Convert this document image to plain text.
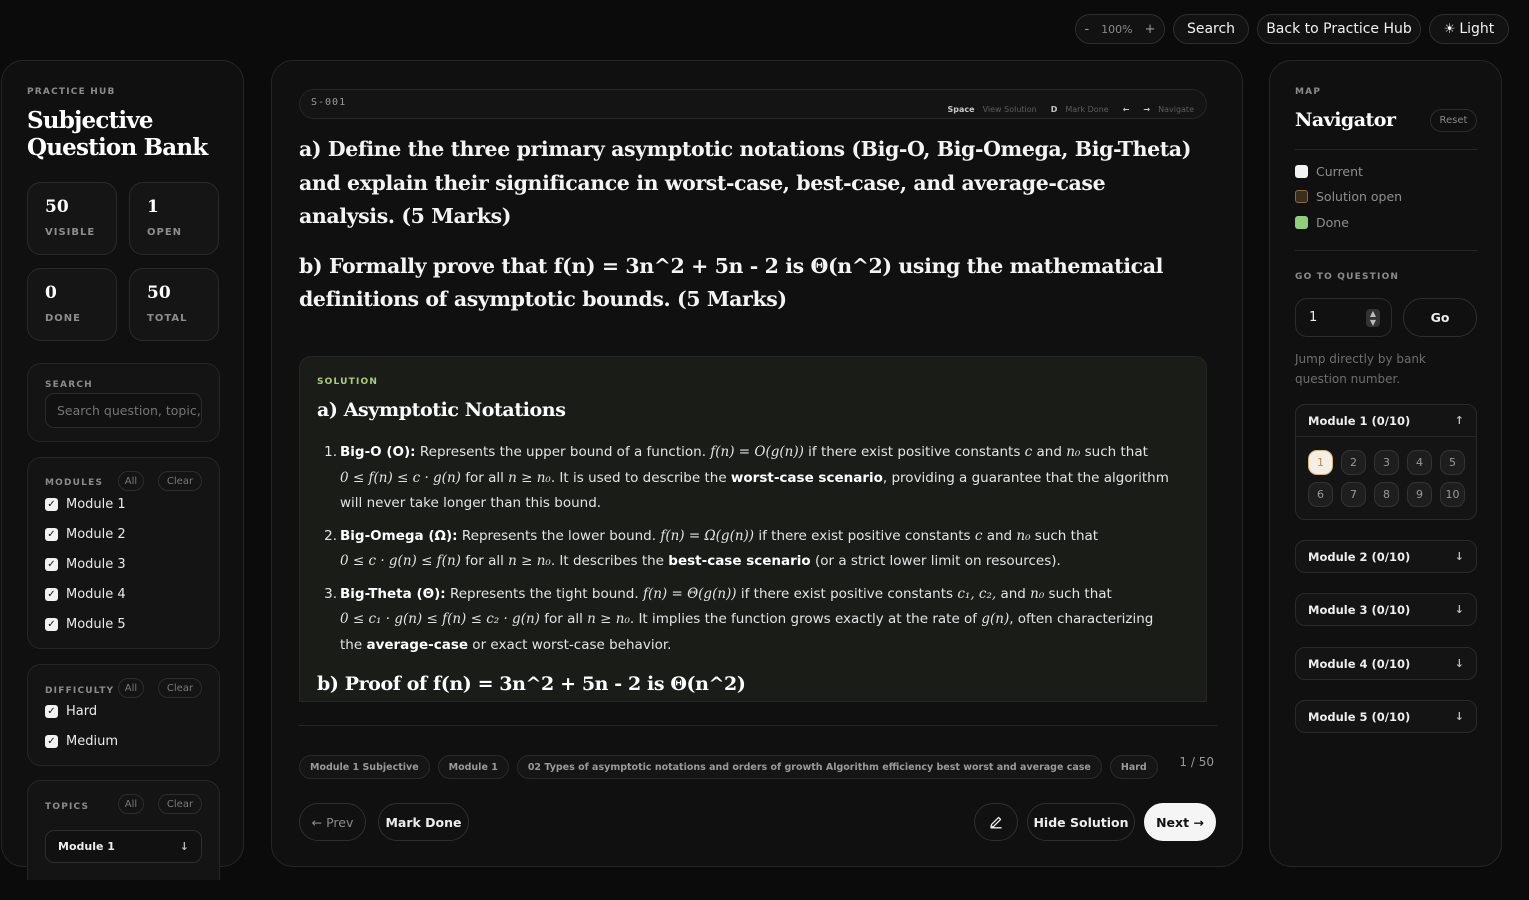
- 100% +	Search	Back to Practice Hub	☀ Light
PRACTICE HUB
Subjective Question Bank
50
VISIBLE
1
OPEN
0
DONE
50
TOTAL
SEARCH
Search question, topic,
MODULES	All	Clear
✓ Module 1
✓ Module 2
✓ Module 3
✓ Module 4
✓ Module 5
DIFFICULTY	All	Clear
✓ Hard
✓ Medium
TOPICS	All	Clear
Module 1	↓
S-001
Space View Solution D Mark Done ← → Navigate

a) Define the three primary asymptotic notations (Big-O, Big-Omega, Big-Theta) and explain their significance in worst-case, best-case, and average-case analysis. (5 Marks)

b) Formally prove that f(n) = 3n^2 + 5n - 2 is Θ(n^2) using the mathematical definitions of asymptotic bounds. (5 Marks)

SOLUTION
a) Asymptotic Notations
1. Big-O (O): Represents the upper bound of a function. f(n) = O(g(n)) if there exist positive constants c and n₀ such that
0 ≤ f(n) ≤ c · g(n) for all n ≥ n₀. It is used to describe the worst-case scenario, providing a guarantee that the algorithm will never take longer than this bound.
2. Big-Omega (Ω): Represents the lower bound. f(n) = Ω(g(n)) if there exist positive constants c and n₀ such that
0 ≤ c · g(n) ≤ f(n) for all n ≥ n₀. It describes the best-case scenario (or a strict lower limit on resources).
3. Big-Theta (Θ): Represents the tight bound. f(n) = Θ(g(n)) if there exist positive constants c₁, c₂, and n₀ such that
0 ≤ c₁ · g(n) ≤ f(n) ≤ c₂ · g(n) for all n ≥ n₀. It implies the function grows exactly at the rate of g(n), often characterizing the average-case or exact worst-case behavior.
b) Proof of f(n) = 3n^2 + 5n - 2 is Θ(n^2)
Module 1 Subjective	Module 1	02 Types of asymptotic notations and orders of growth Algorithm efficiency best worst and average case	Hard	1 / 50
← Prev	Mark Done	Hide Solution	Next →
MAP
Navigator	Reset
Current
Solution open
Done
GO TO QUESTION
1	▲
▼	Go
Jump directly by bank question number.
Module 1 (0/10)	↑
1	2	3	4	5
6	7	8	9	10
Module 2 (0/10)	↓
Module 3 (0/10)	↓
Module 4 (0/10)	↓
Module 5 (0/10)	↓
